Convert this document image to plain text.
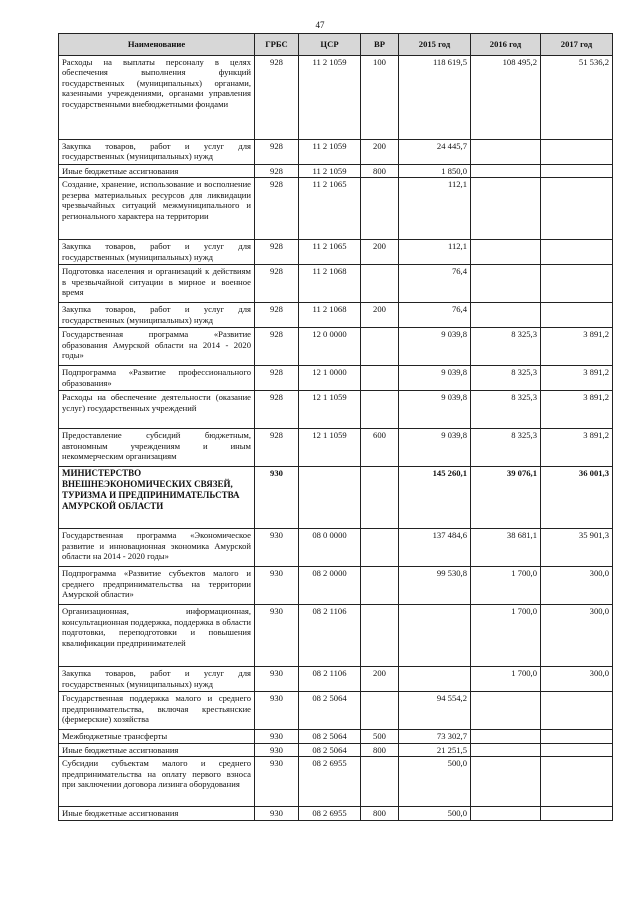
47
Наименование	ГРБС	ЦСР	ВР	2015 год	2016 год	2017 год
Расходы на выплаты персоналу в целях обеспечения выполнения функций государственных (муниципальных) органами, казенными учреждениями, органами управления государственными внебюджетными фондами	928	11 2 1059	100	118 619,5	108 495,2	51 536,2
Закупка товаров, работ и услуг для государственных (муниципальных) нужд	928	11 2 1059	200	24 445,7		
Иные бюджетные ассигнования	928	11 2 1059	800	1 850,0		
Создание, хранение, использование и восполнение резерва материальных ресурсов для ликвидации чрезвычайных ситуаций межмуниципального и регионального характера на территории	928	11 2 1065		112,1		
Закупка товаров, работ и услуг для государственных (муниципальных) нужд	928	11 2 1065	200	112,1		
Подготовка населения и организаций к действиям в чрезвычайной ситуации в мирное и военное время	928	11 2 1068		76,4		
Закупка товаров, работ и услуг для государственных (муниципальных) нужд	928	11 2 1068	200	76,4		
Государственная программа «Развитие образования Амурской области на 2014 - 2020 годы»	928	12 0 0000		9 039,8	8 325,3	3 891,2
Подпрограмма «Развитие профессионального образования»	928	12 1 0000		9 039,8	8 325,3	3 891,2
Расходы на обеспечение деятельности (оказание услуг) государственных учреждений	928	12 1 1059		9 039,8	8 325,3	3 891,2
Предоставление субсидий бюджетным, автономным учреждениям и иным некоммерческим организациям	928	12 1 1059	600	9 039,8	8 325,3	3 891,2
МИНИСТЕРСТВО ВНЕШНЕЭКОНОМИЧЕСКИХ СВЯЗЕЙ, ТУРИЗМА И ПРЕДПРИНИМАТЕЛЬСТВА АМУРСКОЙ ОБЛАСТИ	930			145 260,1	39 076,1	36 001,3
Государственная программа «Экономическое развитие и инновационная экономика Амурской области на 2014 - 2020 годы»	930	08 0 0000		137 484,6	38 681,1	35 901,3
Подпрограмма «Развитие субъектов малого и среднего предпринимательства на территории Амурской области»	930	08 2 0000		99 530,8	1 700,0	300,0
Организационная, информационная, консультационная поддержка, поддержка в области подготовки, переподготовки и повышения квалификации предпринимателей	930	08 2 1106			1 700,0	300,0
Закупка товаров, работ и услуг для государственных (муниципальных) нужд	930	08 2 1106	200		1 700,0	300,0
Государственная поддержка малого и среднего предпринимательства, включая крестьянские (фермерские) хозяйства	930	08 2 5064		94 554,2		
Межбюджетные трансферты	930	08 2 5064	500	73 302,7		
Иные бюджетные ассигнования	930	08 2 5064	800	21 251,5		
Субсидии субъектам малого и среднего предпринимательства на оплату первого взноса при заключении договора лизинга оборудования	930	08 2 6955		500,0		
Иные бюджетные ассигнования	930	08 2 6955	800	500,0		
